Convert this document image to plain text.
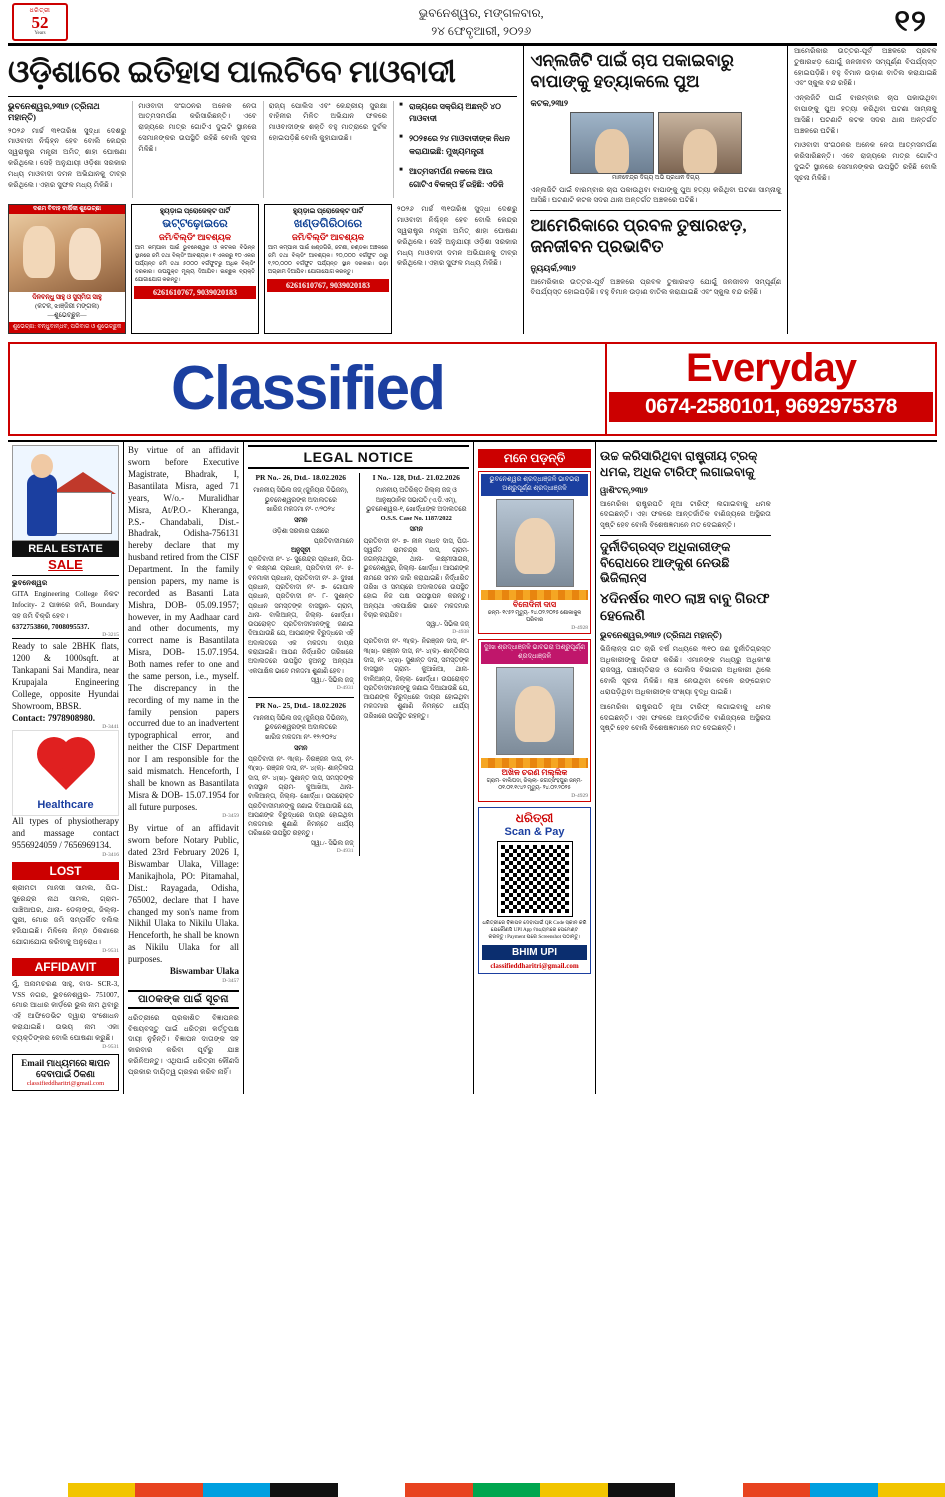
ଧରିତ୍ରୀ
52
Years
ଭୁବନେଶ୍ୱର, ମଙ୍ଗଳବାର,
୨୪ ଫେବୃଆରୀ, ୨୦୨୬	୧୨
ଓଡ଼ିଶାରେ ଇତିହାସ ପାଲଟିବେ ମାଓବାଦୀ
ଭୁବନେଶ୍ୱର,୨୩ା୨ (ତ୍ରିନାଥ ମହାନ୍ତି)
୨୦୨୬ ମାର୍ଚ୍ଚ ୩୧ତାରିଖ ସୁଦ୍ଧା ଦେଶରୁ ମାଓବାଦୀ ନିଶ୍ଚିହ୍ନ ହେବ ବୋଲି କେନ୍ଦ୍ର ସ୍ୱରାଷ୍ଟ୍ର ମନ୍ତ୍ରୀ ଅମିତ୍ ଶାହା ଘୋଷଣା କରିଥିଲେ। ସେହି ଅନୁଯାୟୀ ଓଡ଼ିଶା ସରକାର ମଧ୍ୟ ମାଓବାଦୀ ଦମନ ଅଭିଯାନକୁ ତୀବ୍ର କରିଥିଲେ। ଏହାର ସୁଫଳ ମଧ୍ୟ ମିଳିଛି।
ମାଓବାଦୀ ସଂଗଠନର ଅନେକ ନେତା ଆତ୍ମସମର୍ପଣ କରିସାରିଛନ୍ତି। ଏବେ ରାଜ୍ୟରେ ମାତ୍ର ଗୋଟିଏ ଦୁଇଟି ସ୍ଥାନରେ ସେମାନଙ୍କର ଉପସ୍ଥିତି ରହିଛି ବୋଲି ସୂଚନା ମିଳିଛି।
ରାଜ୍ୟ ପୋଲିସ ଏବଂ କେନ୍ଦ୍ରୀୟ ସୁରକ୍ଷା ବାହିନୀର ମିଳିତ ଅଭିଯାନ ଫଳରେ ମାଓବାଦୀଙ୍କ ଶକ୍ତି ବହୁ ମାତ୍ରାରେ ଦୁର୍ବଳ ହୋଇପଡ଼ିଛି ବୋଲି କୁହାଯାଉଛି।
■ ରାଜ୍ୟରେ ସକ୍ରିୟ ଅଛନ୍ତି ୪୦ ମାଓବାଦୀ
■ ୨୦୨୫ରେ ୨୪ ମାଓବାଦୀଙ୍କ ନିଧନ କରାଯାଇଛି: ମୁଖ୍ୟମନ୍ତ୍ରୀ
■ ଆତ୍ମସମର୍ପଣ ନକଲେ ଆଉ ଗୋଟିଏ ବିକଳ୍ପ ହିଁ ରହିଛି: ଏଡିଜି
ଦଶମ ବିବାହ ବାର୍ଷିକୀ ଶୁଭେଚ୍ଛା
ଦିନବନ୍ଧୁ ସାହୁ ଓ ସୁସ୍ମିତା ସାହୁ
(କଟକ, ଝାଞ୍ଜିରୀ ମଙ୍ଗଳା)
—ଶୁଭେଚ୍ଛୁକ—
ଶୁଭେଚ୍ଛା: ବନ୍ଧୁବାନ୍ଧବ, ପରିବାର ଓ ଶୁଭେଚ୍ଛୁକ
ହ୍ୟୁଡ଼ାଇ ପ୍ରୋଜେକ୍ଟ ପାର୍ଟି
ଭଟ୍ଟଢ଼ୋଇରେ
ଜମି/ବିଲ୍ଡିଂ ଆବଶ୍ୟକ
ଆମ କମ୍ପାନୀ ପାଇଁ ଭୁବନେଶ୍ୱର ଓ କଟକର ବିଭିନ୍ନ ସ୍ଥାନରେ ଜମି ତଥା ବିଲ୍ଡିଂ ଆବଶ୍ୟକ। ୧ ଏକରରୁ ୧୦ ଏକର ପର୍ଯ୍ୟନ୍ତ ଜମି ତଥା ୫୦୦୦ ବର୍ଗଫୁଟରୁ ଅଧିକ ବିଲ୍ଡିଂ ଦରକାର। ଉପଯୁକ୍ତ ମୂଲ୍ୟ ଦିଆଯିବ। ଇଚ୍ଛୁକ ବ୍ୟକ୍ତି ଯୋଗାଯୋଗ କରନ୍ତୁ।
6261610767, 9039020183
ହ୍ୟୁଡ଼ାଇ ପ୍ରୋଜେକ୍ଟ ପାର୍ଟି
ଖଣ୍ଡଗିରିଠାରେ
ଜମି/ବିଲ୍ଡିଂ ଆବଶ୍ୟକ
ଆମ କମ୍ପାନୀ ପାଇଁ ଖଣ୍ଡଗିରି, ଜଟଣୀ, ଚଣ୍ଡକା ଅଞ୍ଚଳରେ ଜମି ତଥା ବିଲ୍ଡିଂ ଆବଶ୍ୟକ। ୨୦,୦୦୦ ବର୍ଗଫୁଟ ଠାରୁ ୧,୨୦,୦୦୦ ବର୍ଗଫୁଟ ପର୍ଯ୍ୟନ୍ତ ସ୍ଥାନ ଦରକାର। ଭଡ଼ା ଅଗ୍ରୀମ ଦିଆଯିବ। ଯୋଗାଯୋଗ କରନ୍ତୁ।
6261610767, 9039020183
୨୦୨୬ ମାର୍ଚ୍ଚ ୩୧ତାରିଖ ସୁଦ୍ଧା ଦେଶରୁ ମାଓବାଦୀ ନିଶ୍ଚିହ୍ନ ହେବ ବୋଲି କେନ୍ଦ୍ର ସ୍ୱରାଷ୍ଟ୍ର ମନ୍ତ୍ରୀ ଅମିତ୍ ଶାହା ଘୋଷଣା କରିଥିଲେ। ସେହି ଅନୁଯାୟୀ ଓଡ଼ିଶା ସରକାର ମଧ୍ୟ ମାଓବାଦୀ ଦମନ ଅଭିଯାନକୁ ତୀବ୍ର କରିଥିଲେ। ଏହାର ସୁଫଳ ମଧ୍ୟ ମିଳିଛି।
ଏନ୍‌ଲଜିଟି ପାଇଁ ଚାପ ପକାଇବାରୁ ବାପାଙ୍କୁ ହତ୍ୟାକଲେ ପୁଅ
କଟକ,୨୩ା୨
ମାନବେନ୍ଦ୍ର ଦିଗ୍ୟ ଅଭି ପ୍ରଧାନ ଦିଗ୍ୟ
ଏନ୍‌ଲଜିଟି ପାଇଁ ବାରମ୍ବାର ଚାପ ପକାଉଥିବା ବାପାଙ୍କୁ ପୁଅ ହତ୍ୟା କରିଥିବା ଘଟଣା ସାମ୍ନାକୁ ଆସିଛି। ଘଟଣାଟି କଟକ ସଦର ଥାନା ଅନ୍ତର୍ଗତ ଅଞ୍ଚଳରେ ଘଟିଛି।
ଆମେରିକାରେ ପ୍ରବଳ ତୁଷାରଝଡ଼, ଜନଜୀବନ ପ୍ରଭାବିତ
ନ୍ୟୁୟର୍କ,୨୩ା୨
ଆମେରିକାର ଉତ୍ତର-ପୂର୍ବ ଅଞ୍ଚଳରେ ପ୍ରବଳ ତୁଷାରଝଡ଼ ଯୋଗୁଁ ଜନଜୀବନ ସମ୍ପୂର୍ଣ୍ଣ ବିପର୍ଯ୍ୟସ୍ତ ହୋଇପଡ଼ିଛି। ବହୁ ବିମାନ ଉଡ଼ାଣ ବାତିଲ କରାଯାଇଛି ଏବଂ ସ୍କୁଲ ବନ୍ଦ ରହିଛି।
ଆମେରିକାର ଉତ୍ତର-ପୂର୍ବ ଅଞ୍ଚଳରେ ପ୍ରବଳ ତୁଷାରଝଡ଼ ଯୋଗୁଁ ଜନଜୀବନ ସମ୍ପୂର୍ଣ୍ଣ ବିପର୍ଯ୍ୟସ୍ତ ହୋଇପଡ଼ିଛି। ବହୁ ବିମାନ ଉଡ଼ାଣ ବାତିଲ କରାଯାଇଛି ଏବଂ ସ୍କୁଲ ବନ୍ଦ ରହିଛି।
ଏନ୍‌ଲଜିଟି ପାଇଁ ବାରମ୍ବାର ଚାପ ପକାଉଥିବା ବାପାଙ୍କୁ ପୁଅ ହତ୍ୟା କରିଥିବା ଘଟଣା ସାମ୍ନାକୁ ଆସିଛି। ଘଟଣାଟି କଟକ ସଦର ଥାନା ଅନ୍ତର୍ଗତ ଅଞ୍ଚଳରେ ଘଟିଛି।
ମାଓବାଦୀ ସଂଗଠନର ଅନେକ ନେତା ଆତ୍ମସମର୍ପଣ କରିସାରିଛନ୍ତି। ଏବେ ରାଜ୍ୟରେ ମାତ୍ର ଗୋଟିଏ ଦୁଇଟି ସ୍ଥାନରେ ସେମାନଙ୍କର ଉପସ୍ଥିତି ରହିଛି ବୋଲି ସୂଚନା ମିଳିଛି।
Classified	Everyday
0674-2580101, 9692975378
REAL ESTATE
SALE
ଭୁବନେଶ୍ୱର
GITA Engineering College ନିକଟ Infocity- 2 ପାଖରେ ଜମି, Boundary ସହ ଜମି ବିକ୍ରି ହେବ।
6372753860, 7008095537.
D-3215
Ready to sale 2BHK flats, 1200 & 1000sqft. at Tankapani Sai Mandira, near Krupajala Engineering College, opposite Hyundai Showroom, BBSR.
Contact: 7978908980.
D-3441
Healthcare
All types of physiotherapy and massage contact 9556924059 / 7656969134.
D-3416
LOST
ଶ୍ରୀମତୀ ମାନସୀ ସାମଲ, ପିତା- ସୁରେନ୍ଦ୍ର ନାଥ ସାମଲ, ଗ୍ରାମ- ପାଞ୍ଚିଆଘର, ଥାନା- ଡେଲାଙ୍ଗ, ଜିଲ୍ଲା- ପୁରୀ, ମୋର ଜମି ସମ୍ପର୍କିତ ଦଲିଲ ହଜିଯାଇଛି। ମିଳିଲେ ନିମ୍ନ ଠିକଣାରେ ଯୋଗାଯୋଗ କରିବାକୁ ଅନୁରୋଧ।
D-9531
AFFIDAVIT
ମୁଁ, ଅନାମଚରଣ ସାହୁ, ବାସ- SCR-3, VSS ନଗର, ଭୁବନେଶ୍ୱର- 751007, ମୋର ଆଧାର କାର୍ଡ଼ରେ ଭୁଲ ନାମ ଥିବାରୁ ଏହି ଆଫିଡେଭିଟ ଦ୍ୱାରା ସଂଶୋଧନ କରାଯାଇଛି। ଉଭୟ ନାମ ଏକା ବ୍ୟକ୍ତିଙ୍କର ବୋଲି ଘୋଷଣା କରୁଛି।
D-9531
Email ମାଧ୍ୟମରେ ଜ୍ଞାପନ ଦେବାପାଇଁ ଠିକଣା
classifieddharitri@gmail.com
By virtue of an affidavit sworn before Executive Magistrate, Bhadrak, I, Basantilata Misra, aged 71 years, W/o.- Muralidhar Misra, At/P.O.- Kheranga, P.S.- Chandabali, Dist.- Bhadrak, Odisha-756131 hereby declare that my husband retired from the CISF Department. In the family pension papers, my name is recorded as Basanti Lata Mishra, DOB- 05.09.1957; however, in my Aadhaar card and other documents, my correct name is Basantilata Misra, DOB- 15.07.1954. Both names refer to one and the same person, i.e., myself. The discrepancy in the recording of my name in the family pension papers occurred due to an inadvertent typographical error, and neither the CISF Department nor I am responsible for the said mismatch. Henceforth, I shall be known as Basantilata Misra & DOB- 15.07.1954 for all future purposes.
D-3459
By virtue of an affidavit sworn before Notary Public, dated 23rd February 2026 I, Biswambar Ulaka, Village: Manikajhola, PO: Pitamahal, Dist.: Rayagada, Odisha, 765002, declare that I have changed my son's name from Nikhil Ulaka to Nikilu Ulaka. Henceforth, he shall be known as Nikilu Ulaka for all purposes.
Biswambar Ulaka
D-3457
ପାଠକଙ୍କ ପାଇଁ ସୂଚନା
ଧରିତ୍ରୀରେ ପ୍ରକାଶିତ ବିଜ୍ଞାପନର ବିଷୟବସ୍ତୁ ପାଇଁ ଧରିତ୍ରୀ କର୍ତ୍ତୃପକ୍ଷ ଦାୟୀ ନୁହଁନ୍ତି। ବିଜ୍ଞାପନ ଦାତାଙ୍କ ସହ କାରବାର କରିବା ପୂର୍ବରୁ ଯାଞ୍ଚ କରିନିଅନ୍ତୁ। ଏଥିପାଇଁ ଧରିତ୍ରୀ କୌଣସି ପ୍ରକାର ଦାୟିତ୍ୱ ଗ୍ରହଣ କରିବ ନାହିଁ।
LEGAL NOTICE
PR No.- 26, Dtd.- 18.02.2026
ମାନନୀୟ ସିଭିଲ ଜଜ୍ (ଜୁନିୟର ଡିଭିଜନ), ଭୁବନେଶ୍ୱରଙ୍କ ଅଦାଲତରେ
ଖାରିଜ ମକଦ୍ଦମା ନଂ- ୯/୨୦୨୪
ସମନ
ଓଡ଼ିଶା ସରକାର ପକ୍ଷରେ
ପ୍ରତିବାଦୀମାନେ
ଅନୁସୂଚୀ
ପ୍ରତିବାଦୀ ନଂ- ୪- ସୁରେନ୍ଦ୍ର ପ୍ରଧାନ, ପିତା- ବ ଲକ୍ଷ୍ମଣ ପ୍ରଧାନ, ପ୍ରତିବାଦୀ ନଂ- ୫- ବନମାଳୀ ପ୍ରଧାନ, ପ୍ରତିବାଦୀ ନଂ- ୬- ଦୁଃଖୀ ପ୍ରଧାନ, ପ୍ରତିବାଦୀ ନଂ- ୭- ଗୋପାଳ ପ୍ରଧାନ, ପ୍ରତିବାଦୀ ନଂ- ୮- ସୁଶାନ୍ତ ପ୍ରଧାନ ସମସ୍ତଙ୍କ ବାସସ୍ଥାନ- ଗ୍ରାମ, ଥାନା- ବାଲିଆନ୍ତା, ଜିଲ୍ଲା- ଖୋର୍ଦ୍ଧା। ଉପରୋକ୍ତ ପ୍ରତିବାଦୀମାନଙ୍କୁ ଜଣାଇ ଦିଆଯାଉଛି ଯେ, ଆପଣଙ୍କ ବିରୁଦ୍ଧରେ ଏହି ଅଦାଲତରେ ଏକ ମକଦ୍ଦମା ଦାୟର କରାଯାଇଛି। ଆପଣ ନିର୍ଦ୍ଧାରିତ ତାରିଖରେ ଅଦାଲତରେ ଉପସ୍ଥିତ ହୁଅନ୍ତୁ ଅନ୍ୟଥା ଏକପାକ୍ଷିକ ଭାବେ ମକଦ୍ଦମା ଶୁଣାଣି ହେବ।
ସ୍ୱା./- ସିଭିଲ ଜଜ୍
D-4931
PR No.- 25, Dtd.- 18.02.2026
ମାନନୀୟ ସିଭିଲ ଜଜ୍ (ଜୁନିୟର ଡିଭିଜନ), ଭୁବନେଶ୍ୱରଙ୍କ ଅଦାଲତରେ
ଖାରିଜ ମକଦ୍ଦମା ନଂ- ୧୨/୨୦୨୪
ସମନ
ପ୍ରତିବାଦୀ ନଂ- ୩(କ)- ନିରଞ୍ଜନ ଦାସ, ନଂ- ୩(ଖ)- ରଞ୍ଜନ ଦାସ, ନଂ- ୪(କ)- ଶାନ୍ତିଲତା ଦାସ, ନଂ- ୪(ଖ)- ସୁଶାନ୍ତ ଦାସ, ସମସ୍ତଙ୍କ ବାସସ୍ଥାନ ଗ୍ରାମ- କୁଆଖିଆ, ଥାନା- ବାଲିଆନ୍ତା, ଜିଲ୍ଲା- ଖୋର୍ଦ୍ଧା। ଉପରୋକ୍ତ ପ୍ରତିବାଦୀମାନଙ୍କୁ ଜଣାଇ ଦିଆଯାଉଛି ଯେ, ଆପଣଙ୍କ ବିରୁଦ୍ଧରେ ଦାୟର ହୋଇଥିବା ମକଦ୍ଦମାର ଶୁଣାଣି ନିମନ୍ତେ ଧାର୍ଯ୍ୟ ତାରିଖରେ ଉପସ୍ଥିତ ରହନ୍ତୁ।
ସ୍ୱା./- ସିଭିଲ ଜଜ୍
D-4931
I No.- 128, Dtd.- 21.02.2026
ମାନନୀୟ ଅତିରିକ୍ତ ଜିଲ୍ଲା ଜଜ୍ ଓ ଆନୁଷ୍ଠାନିକ ସଭାପତି (ଏ.ଡ଼ି.ଏମ୍), ଭୁବନେଶ୍ୱର-୧, ଖୋର୍ଦ୍ଧାଙ୍କ ଅଦାଲତରେ
O.S.S. Case No. 1187/2022
ସମନ
ପ୍ରତିବାଦୀ ନଂ- ୭- ନୀଳ ମାଧବ ଦାସ, ପିତା- ସ୍ୱର୍ଗତ ରାମଚନ୍ଦ୍ର ଦାସ, ଗ୍ରାମ- ଜଗନ୍ନାଥପୁର, ଥାନା- ଲକ୍ଷ୍ମୀସାଗର, ଭୁବନେଶ୍ୱର, ଜିଲ୍ଲା- ଖୋର୍ଦ୍ଧା। ଆପଣଙ୍କ ନାମରେ ସମନ ଜାରି କରାଯାଇଛି। ନିର୍ଦ୍ଧାରିତ ତାରିଖ ଓ ସମୟରେ ଅଦାଲତରେ ଉପସ୍ଥିତ ହୋଇ ନିଜ ପକ୍ଷ ଉପସ୍ଥାପନ କରନ୍ତୁ। ଅନ୍ୟଥା ଏକପାକ୍ଷିକ ଭାବେ ମକଦ୍ଦମାର ବିଚାର କରାଯିବ।
ସ୍ୱା./- ସିଭିଲ ଜଜ୍
D-4938
ପ୍ରତିବାଦୀ ନଂ- ୩(କ)- ନିରଞ୍ଜନ ଦାସ, ନଂ- ୩(ଖ)- ରଞ୍ଜନ ଦାସ, ନଂ- ୪(କ)- ଶାନ୍ତିଲତା ଦାସ, ନଂ- ୪(ଖ)- ସୁଶାନ୍ତ ଦାସ, ସମସ୍ତଙ୍କ ବାସସ୍ଥାନ ଗ୍ରାମ- କୁଆଖିଆ, ଥାନା- ବାଲିଆନ୍ତା, ଜିଲ୍ଲା- ଖୋର୍ଦ୍ଧା। ଉପରୋକ୍ତ ପ୍ରତିବାଦୀମାନଙ୍କୁ ଜଣାଇ ଦିଆଯାଉଛି ଯେ, ଆପଣଙ୍କ ବିରୁଦ୍ଧରେ ଦାୟର ହୋଇଥିବା ମକଦ୍ଦମାର ଶୁଣାଣି ନିମନ୍ତେ ଧାର୍ଯ୍ୟ ତାରିଖରେ ଉପସ୍ଥିତ ରହନ୍ତୁ।
ମନେ ପଡ଼ନ୍ତି
ଭୁବନେଶ୍ୱର ଶ୍ରଦ୍ଧାଞ୍ଜଳି ଭାବଭରା ଅଶ୍ରୁପୂର୍ଣ୍ଣ ଶ୍ରଦ୍ଧାଞ୍ଜଳି
ବିନୋଦିନୀ ଦାସ
ଜନ୍ମ- ୧୯୫୨ ମୃତ୍ୟୁ- ୨୪.୦୨.୨୦୨୫ ଶୋକାକୁଳ ପରିବାର
D-4928
ଦୁଃଖ ଶ୍ରଦ୍ଧାଞ୍ଜଳି ଭାବଭରା ଅଶ୍ରୁପୂର୍ଣ୍ଣ ଶ୍ରଦ୍ଧାଞ୍ଜଳି
ଅଖିଳ ଚରଣ ମଲ୍ଲିକ
ଗ୍ରାମ- ବାଲିପଦା, ଜିଲ୍ଲା- ଜଗତ୍‌ସିଂହପୁର ଜନ୍ମ- ୦୧.୦୧.୧୯୪୨ ମୃତ୍ୟୁ- ୨୪.୦୨.୨୦୨୫
D-4929
ଧରିତ୍ରୀ
Scan & Pay
ଧରିତ୍ରୀରେ ବିଜ୍ଞାପନ ଦେବାପାଇଁ QR Code ସ୍କାନ କରି ଯେକୌଣସି UPI App ମାଧ୍ୟମରେ ପେମେଣ୍ଟ କରନ୍ତୁ। Payment ପରେ Screenshot ପଠାନ୍ତୁ।
BHIM UPI
classifieddharitri@gmail.com
ଉଚ୍ଚ କରିସାରିଥିବା ରାଷ୍ଟ୍ରୀୟ ଟ୍ରକ୍ ଧମକ, ଅଧିକ ଟାରିଫ୍ ଲଗାଇବାକୁ
ୱାଶିଂଟନ୍,୨୩ା୨
ଆମେରିକା ରାଷ୍ଟ୍ରପତି ନୂଆ ଟାରିଫ୍ ଲଗାଇବାକୁ ଧମକ ଦେଇଛନ୍ତି। ଏହା ଫଳରେ ଆନ୍ତର୍ଜାତିକ ବାଣିଜ୍ୟରେ ଅସ୍ଥିରତା ସୃଷ୍ଟି ହେବ ବୋଲି ବିଶେଷଜ୍ଞମାନେ ମତ ଦେଇଛନ୍ତି।
ଦୁର୍ନୀତିଗ୍ରସ୍ତ ଅଧିକାରୀଙ୍କ ବିରୋଧରେ ଆଙ୍କୁଶ ନେଉଛି ଭିଜିଲାନ୍ସ
୪ଦିନର୍ଷର ୩୧୦ ଲାଞ୍ଚ ବାବୁ ଗିରଫ ହେଲେଣି
ଭୁବନେଶ୍ୱର,୨୩ା୨ (ତ୍ରିନାଥ ମହାନ୍ତି)
ଭିଜିଲାନ୍ସ ଗତ ଚାରି ବର୍ଷ ମଧ୍ୟରେ ୩୧୦ ଜଣ ଦୁର୍ନୀତିଗ୍ରସ୍ତ ଅଧିକାରୀଙ୍କୁ ଗିରଫ କରିଛି। ଏମାନଙ୍କ ମଧ୍ୟରୁ ଅଧିକାଂଶ ରାଜସ୍ୱ, ପଞ୍ଚାୟତିରାଜ ଓ ପୋଲିସ ବିଭାଗର ଅଧିକାରୀ ଥିଲେ ବୋଲି ସୂଚନା ମିଳିଛି। ଲାଞ୍ଚ ନେଉଥିବା ବେଳେ ରଙ୍ଗେହାତ ଧରାପଡ଼ିଥିବା ଅଧିକାରୀଙ୍କ ସଂଖ୍ୟା ବୃଦ୍ଧି ପାଇଛି।
ଆମେରିକା ରାଷ୍ଟ୍ରପତି ନୂଆ ଟାରିଫ୍ ଲଗାଇବାକୁ ଧମକ ଦେଇଛନ୍ତି। ଏହା ଫଳରେ ଆନ୍ତର୍ଜାତିକ ବାଣିଜ୍ୟରେ ଅସ୍ଥିରତା ସୃଷ୍ଟି ହେବ ବୋଲି ବିଶେଷଜ୍ଞମାନେ ମତ ଦେଇଛନ୍ତି।
